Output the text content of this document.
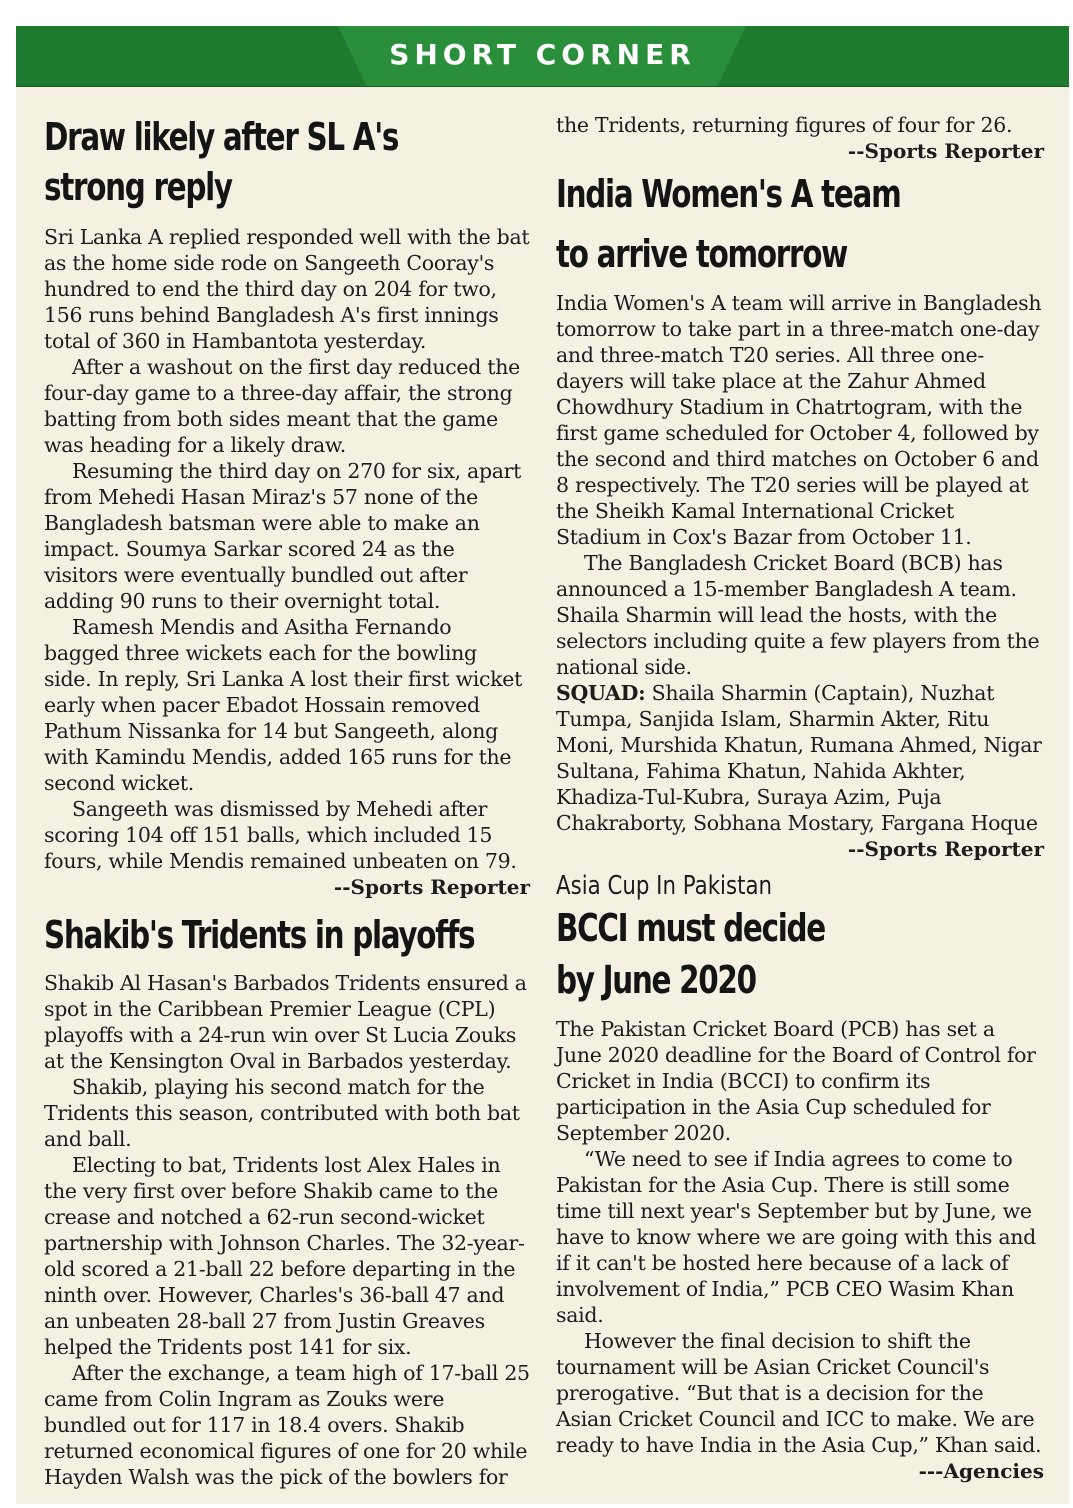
SHORT CORNER
Draw likely after SL A's
strong reply

Sri Lanka A replied responded well with the bat as the home side rode on Sangeeth Cooray's hundred to end the third day on 204 for two, 156 runs behind Bangladesh A's first innings total of 360 in Hambantota yesterday.

After a washout on the first day reduced the four-day game to a three-day affair, the strong batting from both sides meant that the game was heading for a likely draw.

Resuming the third day on 270 for six, apart from Mehedi Hasan Miraz's 57 none of the Bangladesh batsman were able to make an impact. Soumya Sarkar scored 24 as the visitors were eventually bundled out after adding 90 runs to their overnight total.

Ramesh Mendis and Asitha Fernando bagged three wickets each for the bowling side. In reply, Sri Lanka A lost their first wicket early when pacer Ebadot Hossain removed Pathum Nissanka for 14 but Sangeeth, along with Kamindu Mendis, added 165 runs for the second wicket.

Sangeeth was dismissed by Mehedi after scoring 104 off 151 balls, which included 15 fours, while Mendis remained unbeaten on 79.

--Sports Reporter
Shakib's Tridents in playoffs

Shakib Al Hasan's Barbados Tridents ensured a spot in the Caribbean Premier League (CPL) playoffs with a 24-run win over St Lucia Zouks at the Kensington Oval in Barbados yesterday.

Shakib, playing his second match for the Tridents this season, contributed with both bat and ball.

Electing to bat, Tridents lost Alex Hales in the very first over before Shakib came to the crease and notched a 62-run second-wicket partnership with Johnson Charles. The 32-year-old scored a 21-ball 22 before departing in the ninth over. However, Charles's 36-ball 47 and an unbeaten 28-ball 27 from Justin Greaves helped the Tridents post 141 for six.

After the exchange, a team high of 17-ball 25 came from Colin Ingram as Zouks were bundled out for 117 in 18.4 overs. Shakib returned economical figures of one for 20 while Hayden Walsh was the pick of the bowlers for

the Tridents, returning figures of four for 26.

--Sports Reporter
India Women's A team
to arrive tomorrow

India Women's A team will arrive in Bangladesh tomorrow to take part in a three-match one-day and three-match T20 series. All three one-dayers will take place at the Zahur Ahmed Chowdhury Stadium in Chatrtogram, with the first game scheduled for October 4, followed by the second and third matches on October 6 and 8 respectively. The T20 series will be played at the Sheikh Kamal International Cricket Stadium in Cox's Bazar from October 11.

The Bangladesh Cricket Board (BCB) has announced a 15-member Bangladesh A team. Shaila Sharmin will lead the hosts, with the selectors including quite a few players from the national side.

SQUAD: Shaila Sharmin (Captain), Nuzhat Tumpa, Sanjida Islam, Sharmin Akter, Ritu Moni, Murshida Khatun, Rumana Ahmed, Nigar Sultana, Fahima Khatun, Nahida Akhter, Khadiza-Tul-Kubra, Suraya Azim, Puja Chakraborty, Sobhana Mostary, Fargana Hoque

--Sports Reporter
Asia Cup In Pakistan
BCCI must decide
by June 2020

The Pakistan Cricket Board (PCB) has set a June 2020 deadline for the Board of Control for Cricket in India (BCCI) to confirm its participation in the Asia Cup scheduled for September 2020.

“We need to see if India agrees to come to Pakistan for the Asia Cup. There is still some time till next year's September but by June, we have to know where we are going with this and if it can't be hosted here because of a lack of involvement of India,” PCB CEO Wasim Khan said.

However the final decision to shift the tournament will be Asian Cricket Council's prerogative. “But that is a decision for the Asian Cricket Council and ICC to make. We are ready to have India in the Asia Cup,” Khan said.

---Agencies
